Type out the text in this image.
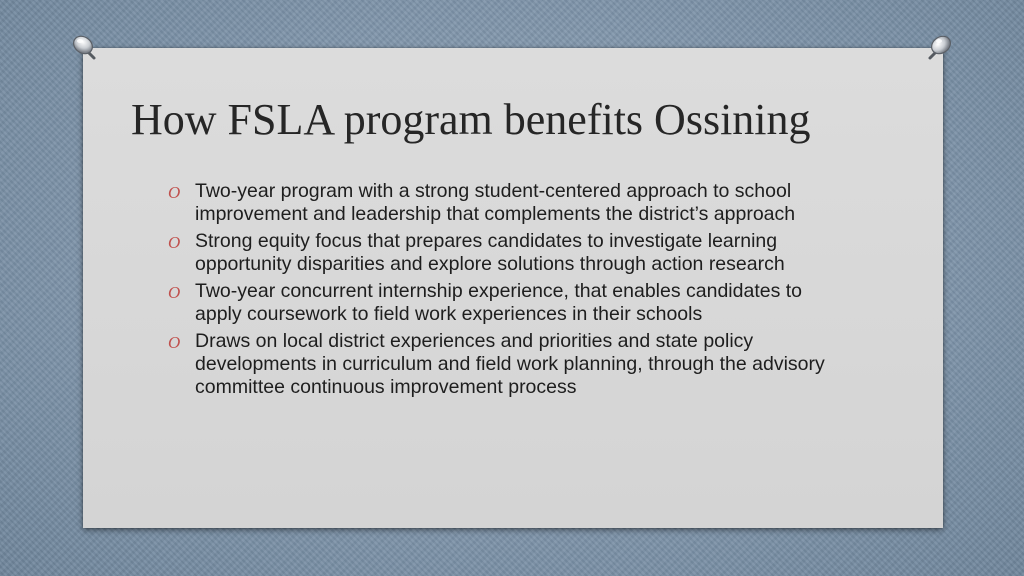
How FSLA program benefits Ossining
O Two-year program with a strong student-centered approach to school improvement and leadership that complements the district’s approach
O Strong equity focus that prepares candidates to investigate learning opportunity disparities and explore solutions through action research
O Two-year concurrent internship experience, that enables candidates to apply coursework to field work experiences in their schools
O Draws on local district experiences and priorities and state policy developments in curriculum and field work planning, through the advisory committee continuous improvement process
